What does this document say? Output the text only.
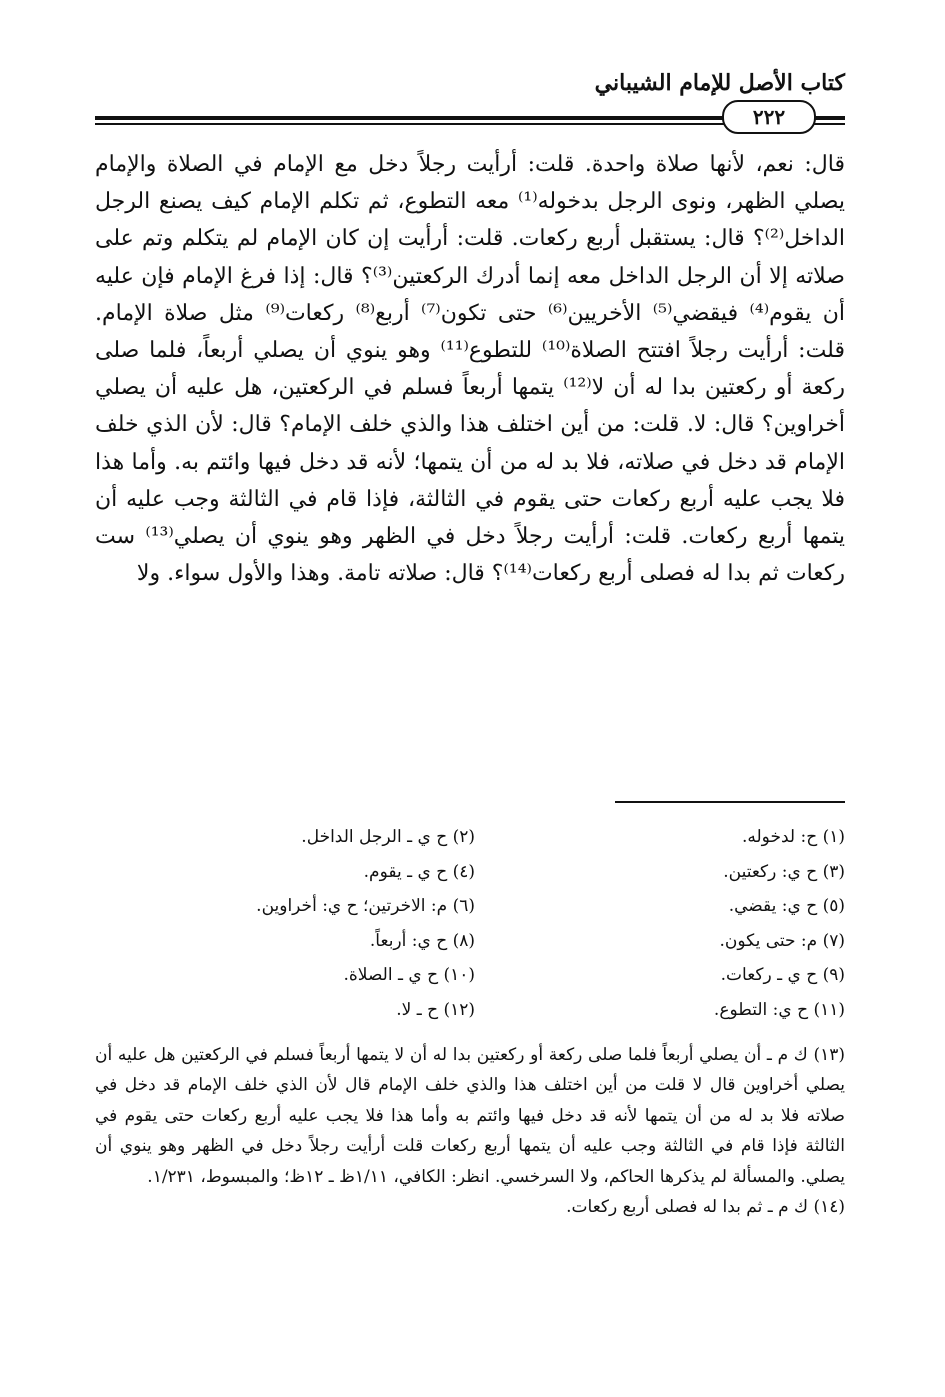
كتاب الأصل للإمام الشيباني
٢٢٢

قال: نعم، لأنها صلاة واحدة. قلت: أرأيت رجلاً دخل مع الإمام في الصلاة والإمام يصلي الظهر، ونوى الرجل بدخوله⁽¹⁾ معه التطوع، ثم تكلم الإمام كيف يصنع الرجل الداخل⁽²⁾؟ قال: يستقبل أربع ركعات. قلت: أرأيت إن كان الإمام لم يتكلم وتم على صلاته إلا أن الرجل الداخل معه إنما أدرك الركعتين⁽³⁾؟ قال: إذا فرغ الإمام فإن عليه أن يقوم⁽⁴⁾ فيقضي⁽⁵⁾ الأخريين⁽⁶⁾ حتى تكون⁽⁷⁾ أربع⁽⁸⁾ ركعات⁽⁹⁾ مثل صلاة الإمام. قلت: أرأيت رجلاً افتتح الصلاة⁽¹⁰⁾ للتطوع⁽¹¹⁾ وهو ينوي أن يصلي أربعاً، فلما صلى ركعة أو ركعتين بدا له أن لا⁽¹²⁾ يتمها أربعاً فسلم في الركعتين، هل عليه أن يصلي أخراوين؟ قال: لا. قلت: من أين اختلف هذا والذي خلف الإمام؟ قال: لأن الذي خلف الإمام قد دخل في صلاته، فلا بد له من أن يتمها؛ لأنه قد دخل فيها وائتم به. وأما هذا فلا يجب عليه أربع ركعات حتى يقوم في الثالثة، فإذا قام في الثالثة وجب عليه أن يتمها أربع ركعات. قلت: أرأيت رجلاً دخل في الظهر وهو ينوي أن يصلي⁽¹³⁾ ست ركعات ثم بدا له فصلى أربع ركعات⁽¹⁴⁾؟ قال: صلاته تامة. وهذا والأول سواء. ولا

(١) ح: لدخوله.
(٢) ح ي ـ الرجل الداخل.
(٣) ح ي: ركعتين.
(٤) ح ي ـ يقوم.
(٥) ح ي: يقضي.
(٦) م: الاخرتين؛ ح ي: أخراوين.
(٧) م: حتى يكون.
(٨) ح ي: أربعاً.
(٩) ح ي ـ ركعات.
(١٠) ح ي ـ الصلاة.
(١١) ح ي: التطوع.
(١٢) ح ـ لا.

(١٣) ك م ـ أن يصلي أربعاً فلما صلى ركعة أو ركعتين بدا له أن لا يتمها أربعاً فسلم في الركعتين هل عليه أن يصلي أخراوين قال لا قلت من أين اختلف هذا والذي خلف الإمام قال لأن الذي خلف الإمام قد دخل في صلاته فلا بد له من أن يتمها لأنه قد دخل فيها وائتم به وأما هذا فلا يجب عليه أربع ركعات حتى يقوم في الثالثة فإذا قام في الثالثة وجب عليه أن يتمها أربع ركعات قلت أرأيت رجلاً دخل في الظهر وهو ينوي أن يصلي. والمسألة لم يذكرها الحاكم، ولا السرخسي. انظر: الكافي، ١/١١ظ ـ ١٢ظ؛ والمبسوط، ١/٢٣١.

(١٤) ك م ـ ثم بدا له فصلى أربع ركعات.
